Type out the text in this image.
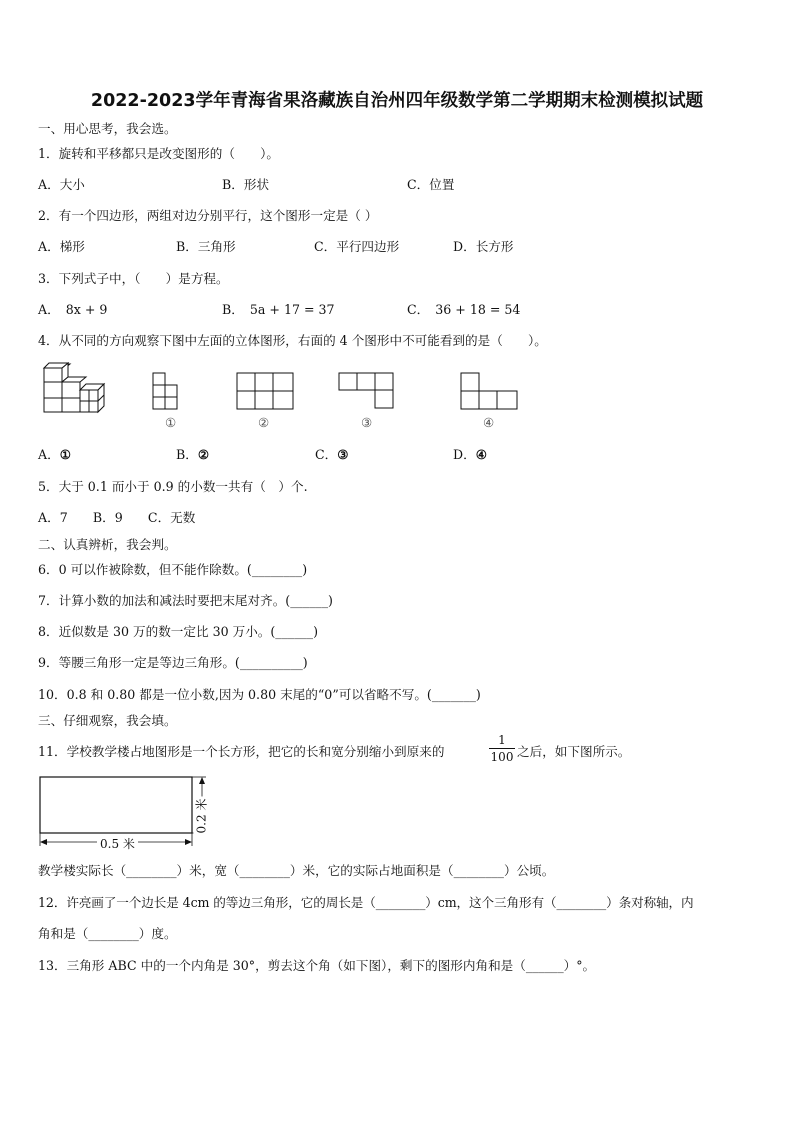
2022-2023学年青海省果洛藏族自治州四年级数学第二学期期末检测模拟试题
一、用心思考，我会选。
1．旋转和平移都只是改变图形的（　　）。
A．大小	B．形状	C．位置
2．有一个四边形，两组对边分别平行，这个图形一定是（ ）
A．梯形	B．三角形	C．平行四边形	D．长方形
3．下列式子中，（　　）是方程。
A． 8x + 9	B． 5a + 17 = 37	C． 36 + 18 = 54
4．从不同的方向观察下图中左面的立体图形，右面的 4 个图形中不可能看到的是（　　）。
①	②	③	④
A．①	B．②	C．③	D．④
5．大于 0.1 而小于 0.9 的小数一共有（　）个.
A．7　　B．9　　C．无数
二、认真辨析，我会判。
6．0 可以作被除数，但不能作除数。(________)
7．计算小数的加法和减法时要把末尾对齐。(______)
8．近似数是 30 万的数一定比 30 万小。(______)
9．等腰三角形一定是等边三角形。(__________)
10．0.8 和 0.80 都是一位小数,因为 0.80 末尾的“0”可以省略不写。(_______)
三、仔细观察，我会填。
11．学校教学楼占地图形是一个长方形，把它的长和宽分别缩小到原来的
1
100 之后，如下图所示。
0.5 米
0.2 米
教学楼实际长（________）米，宽（________）米，它的实际占地面积是（________）公顷。
12．许亮画了一个边长是 4cm 的等边三角形，它的周长是（________）cm，这个三角形有（________）条对称轴，内
角和是（________）度。
13．三角形 ABC 中的一个内角是 30°，剪去这个角（如下图），剩下的图形内角和是（______）°。
